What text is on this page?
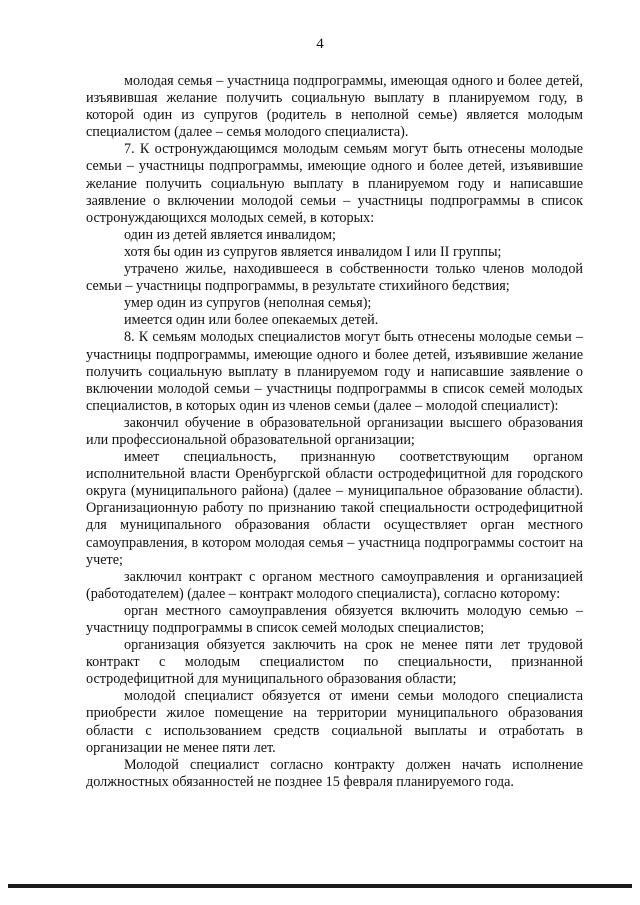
4

молодая семья – участница подпрограммы, имеющая одного и более детей, изъявившая желание получить социальную выплату в планируемом году, в которой один из супругов (родитель в неполной семье) является молодым специалистом (далее – семья молодого специалиста).

7. К остронуждающимся молодым семьям могут быть отнесены молодые семьи – участницы подпрограммы, имеющие одного и более детей, изъявившие желание получить социальную выплату в планируемом году и написавшие заявление о включении молодой семьи – участницы подпрограммы в список остронуждающихся молодых семей, в которых:

один из детей является инвалидом;

хотя бы один из супругов является инвалидом I или II группы;

утрачено жилье, находившееся в собственности только членов молодой семьи – участницы подпрограммы, в результате стихийного бедствия;

умер один из супругов (неполная семья);

имеется один или более опекаемых детей.

8. К семьям молодых специалистов могут быть отнесены молодые семьи – участницы подпрограммы, имеющие одного и более детей, изъявившие желание получить социальную выплату в планируемом году и написавшие заявление о включении молодой семьи – участницы подпрограммы в список семей молодых специалистов, в которых один из членов семьи (далее – молодой специалист):

закончил обучение в образовательной организации высшего образования или профессиональной образовательной организации;

имеет специальность, признанную соответствующим органом исполнительной власти Оренбургской области остродефицитной для городского округа (муниципального района) (далее – муниципальное образование области). Организационную работу по признанию такой специальности остродефицитной для муниципального образования области осуществляет орган местного самоуправления, в котором молодая семья – участница подпрограммы состоит на учете;

заключил контракт с органом местного самоуправления и организацией (работодателем) (далее – контракт молодого специалиста), согласно которому:

орган местного самоуправления обязуется включить молодую семью – участницу подпрограммы в список семей молодых специалистов;

организация обязуется заключить на срок не менее пяти лет трудовой контракт с молодым специалистом по специальности, признанной остродефицитной для муниципального образования области;

молодой специалист обязуется от имени семьи молодого специалиста приобрести жилое помещение на территории муниципального образования области с использованием средств социальной выплаты и отработать в организации не менее пяти лет.

Молодой специалист согласно контракту должен начать исполнение должностных обязанностей не позднее 15 февраля планируемого года.
